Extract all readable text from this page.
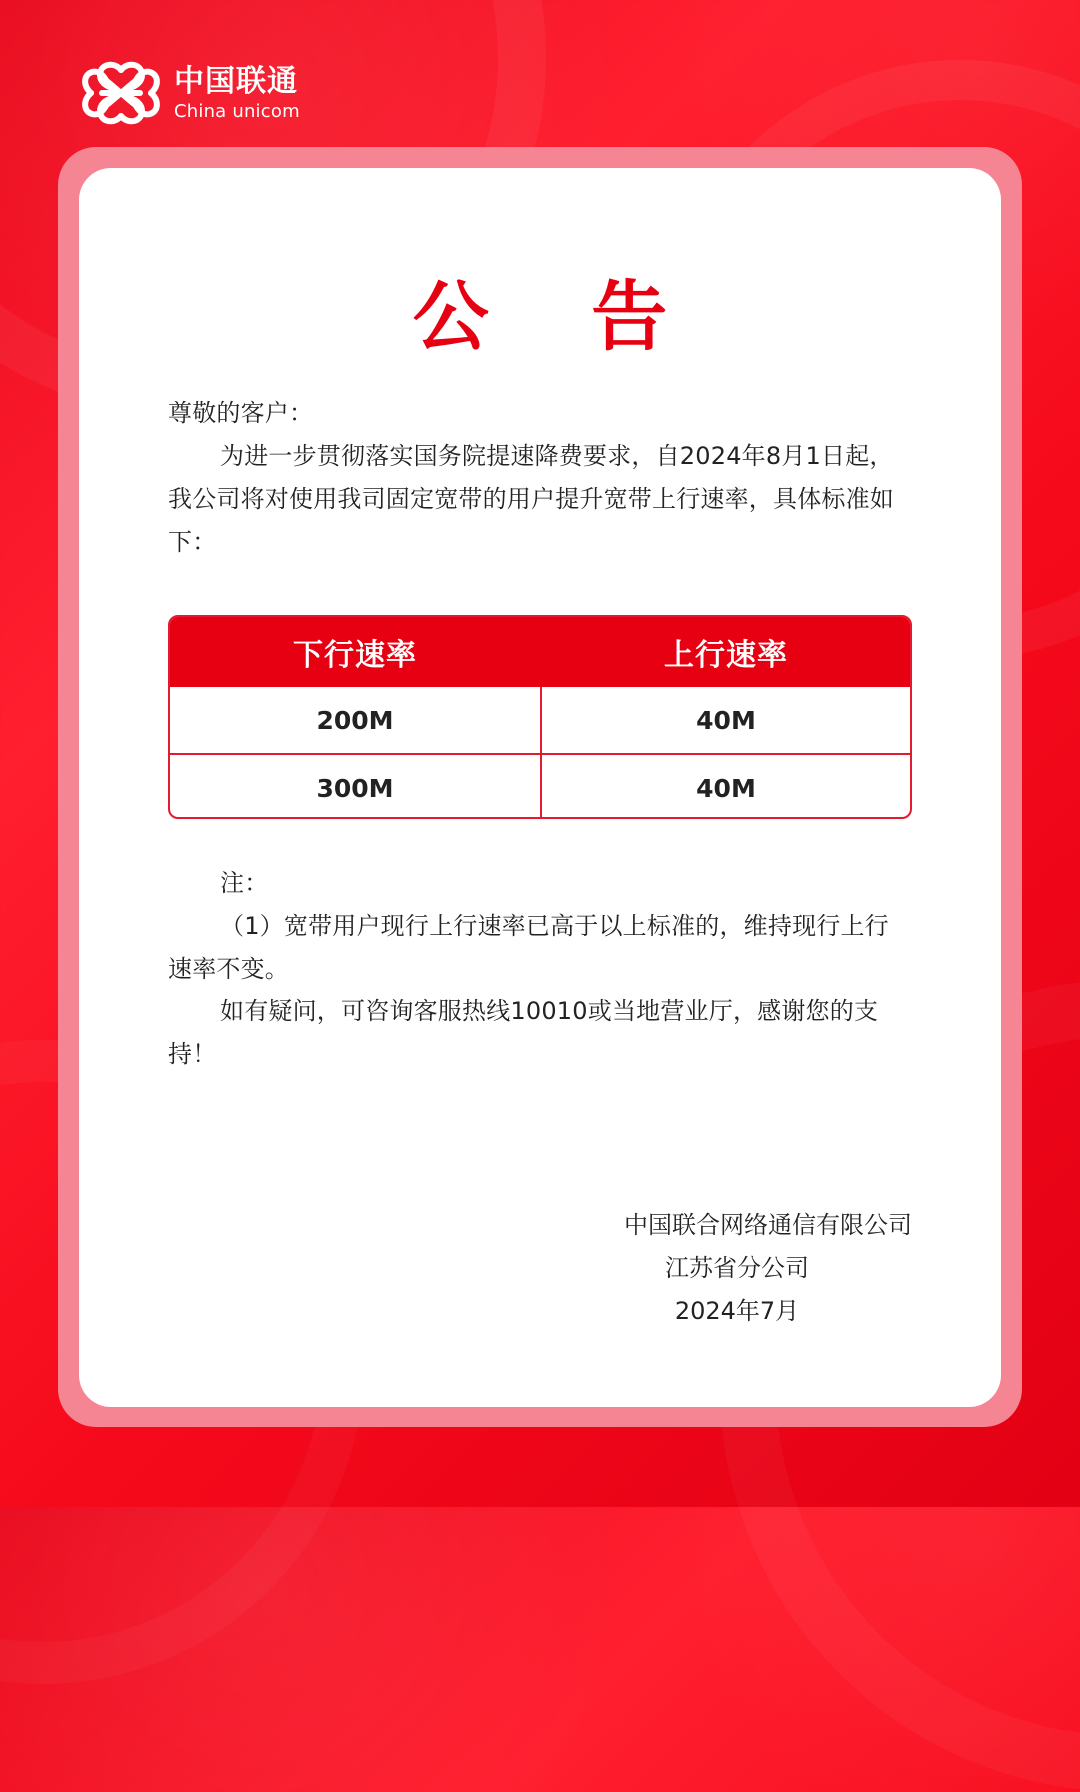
中国联通
China unicom
公 告
尊敬的客户：
为进一步贯彻落实国务院提速降费要求，自2024年8月1日起，我公司将对使用我司固定宽带的用户提升宽带上行速率，具体标准如下：
下行速率	上行速率
200M	40M
300M	40M
注：
（1）宽带用户现行上行速率已高于以上标准的，维持现行上行速率不变。
如有疑问，可咨询客服热线10010或当地营业厅，感谢您的支持！
中国联合网络通信有限公司
江苏省分公司
2024年7月
